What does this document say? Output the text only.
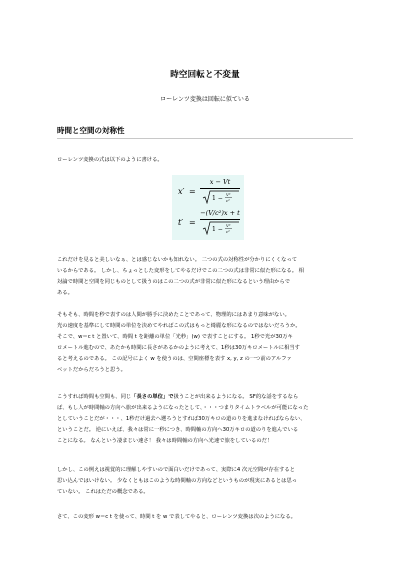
時空回転と不変量
ローレンツ変換は回転に似ている
時間と空間の対称性
ローレンツ変換の式は以下のように書ける。
x′ =
x − Vt
1 −
V²
c²
t′ =
−(V/c²)x + t
1 −
V²
c²
これだけを見ると美しいなぁ、とは感じないかも知れない。 二つの式の対称性が分かりにくくなって
いるからである。 しかし、ちょっとした変形をしてやるだけでこの二つの式は非常に似た形になる。 相
対論で時間と空間を同じものとして扱うのはこの二つの式が非常に似た形になるという理由からで
ある。
そもそも、時間を秒で表すのは人間が勝手に決めたことであって、物理的にはあまり意味がない。
光の速度を基準にして時間の単位を決めてやればこの式はもっと綺麗な形になるのではないだろうか。
そこで、w＝c t と置いて、時間 t を距離の単位「光秒」(w) で表すことにする。 1秒で光が30万キ
ロメートル進むので、あたかも時間に長さがあるかのように考えて、1秒は30万キロメートルに相当す
ると考えるのである。 この記号によく w を使うのは、空間座標を表す x, y, z の一つ前のアルファ
ベットだからだろうと思う。
こうすれば時間も空間も、同じ「長さの単位」で扱うことが出来るようになる。 SF的な話をするなら
ば、もし人が時間軸の方向へ旅が出来るようになったとして、・・・つまりタイムトラベルが可能になった
としていうことだが・・・、1秒だけ過去へ遡ろうとすれば30万キロの道のりを進まなければならない、
ということだ。 逆にいえば、我々は常に一秒につき、時間軸の方向へ30万キロの道のりを進んでいる
ことになる。 なんという凄まじい速さ！ 我々は時間軸の方向へ光速で旅をしているのだ！
しかし、この例えは視覚的に理解しやすいので面白いだけであって、実際に4 次元空間が存在すると
思い込んではいけない。 少なくともはこのような時間軸の方向などというものが現実にあるとは思っ
ていない。 これはただの概念である。
さて、この変形 w＝c t を使って、時間 t を w で表してやると、ローレンツ変換は次のようになる。
